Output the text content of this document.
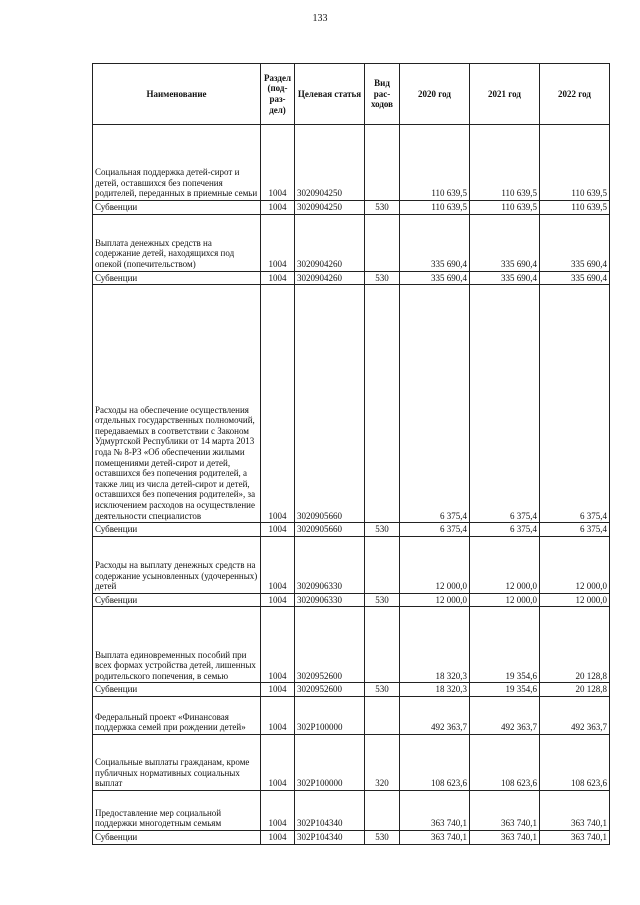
133
Наименование	Раздел (под-раз-дел)	Целевая статья	Вид рас-ходов	2020 год	2021 год	2022 год
Социальная поддержка детей-сирот и детей, оставшихся без попечения родителей, переданных в приемные семьи	1004	3020904250		110 639,5	110 639,5	110 639,5
Субвенции	1004	3020904250	530	110 639,5	110 639,5	110 639,5
Выплата денежных средств на содержание детей, находящихся под опекой (попечительством)	1004	3020904260		335 690,4	335 690,4	335 690,4
Субвенции	1004	3020904260	530	335 690,4	335 690,4	335 690,4
Расходы на обеспечение осуществления отдельных государственных полномочий, передаваемых в соответствии с Законом Удмуртской Республики от 14 марта 2013 года № 8-РЗ «Об обеспечении жилыми помещениями детей-сирот и детей, оставшихся без попечения родителей, а также лиц из числа детей-сирот и детей, оставшихся без попечения родителей», за исключением расходов на осуществление деятельности специалистов	1004	3020905660		6 375,4	6 375,4	6 375,4
Субвенции	1004	3020905660	530	6 375,4	6 375,4	6 375,4
Расходы на выплату денежных средств на содержание усыновленных (удочеренных) детей	1004	3020906330		12 000,0	12 000,0	12 000,0
Субвенции	1004	3020906330	530	12 000,0	12 000,0	12 000,0
Выплата единовременных пособий при всех формах устройства детей, лишенных родительского попечения, в семью	1004	3020952600		18 320,3	19 354,6	20 128,8
Субвенции	1004	3020952600	530	18 320,3	19 354,6	20 128,8
Федеральный проект «Финансовая поддержка семей при рождении детей»	1004	302P100000		492 363,7	492 363,7	492 363,7
Социальные выплаты гражданам, кроме публичных нормативных социальных выплат	1004	302P100000	320	108 623,6	108 623,6	108 623,6
Предоставление мер социальной поддержки многодетным семьям	1004	302P104340		363 740,1	363 740,1	363 740,1
Субвенции	1004	302P104340	530	363 740,1	363 740,1	363 740,1
